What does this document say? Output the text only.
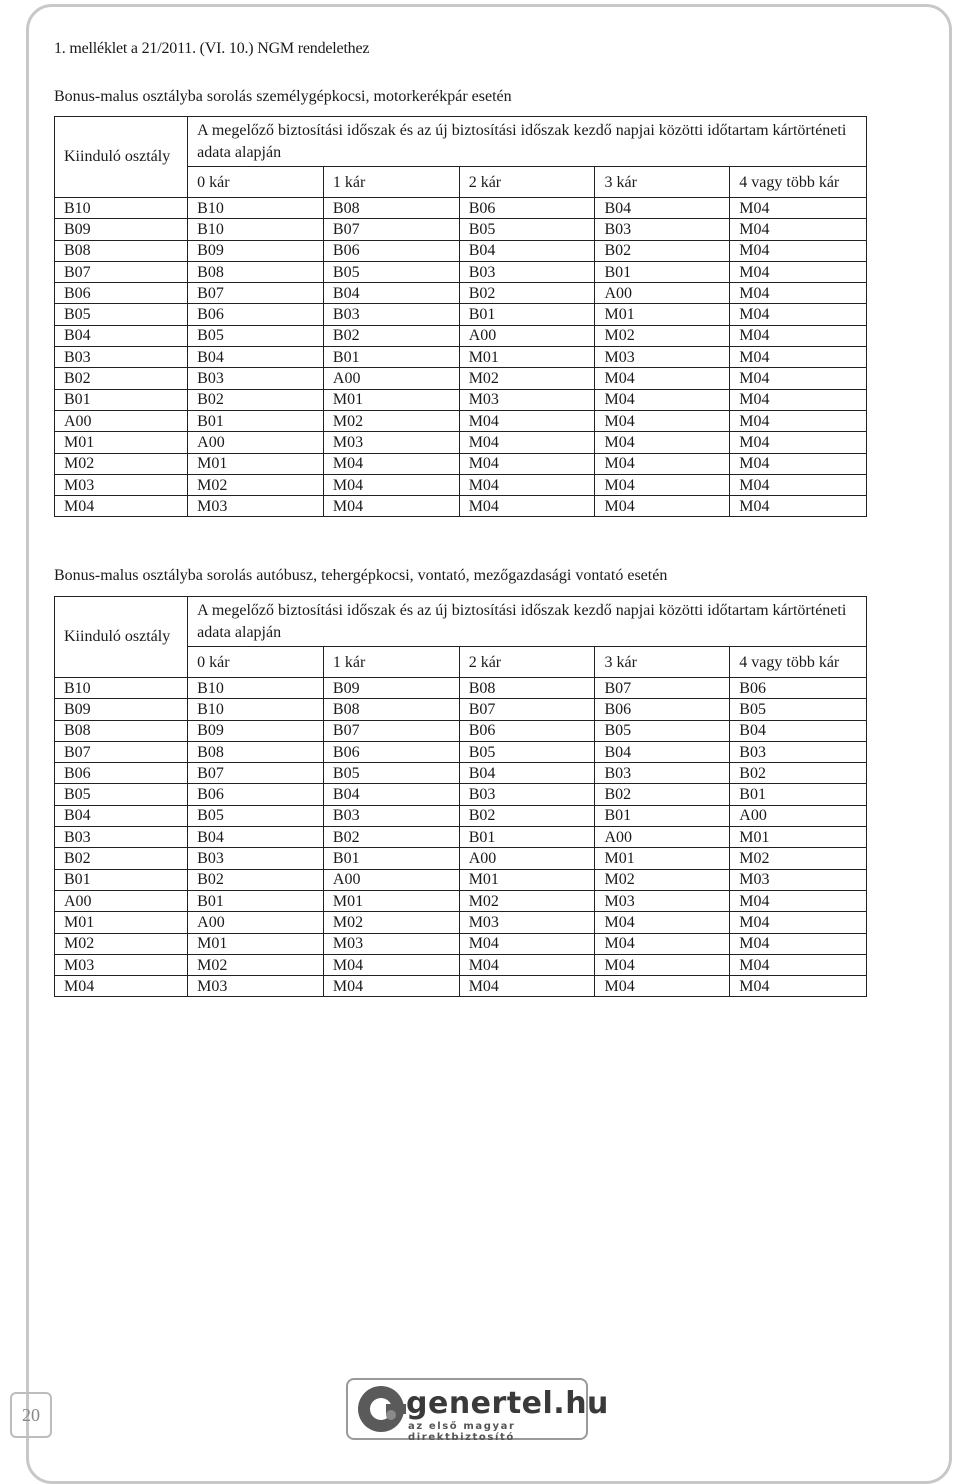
1. melléklet a 21/2011. (VI. 10.) NGM rendelethez
Bonus-malus osztályba sorolás személygépkocsi, motorkerékpár esetén
Kiinduló osztály	A megelőző biztosítási időszak és az új biztosítási időszak kezdő napjai közötti időtartam kártörténeti adata alapján				
	0 kár	1 kár	2 kár	3 kár	4 vagy több kár
B10	B10	B08	B06	B04	M04
B09	B10	B07	B05	B03	M04
B08	B09	B06	B04	B02	M04
B07	B08	B05	B03	B01	M04
B06	B07	B04	B02	A00	M04
B05	B06	B03	B01	M01	M04
B04	B05	B02	A00	M02	M04
B03	B04	B01	M01	M03	M04
B02	B03	A00	M02	M04	M04
B01	B02	M01	M03	M04	M04
A00	B01	M02	M04	M04	M04
M01	A00	M03	M04	M04	M04
M02	M01	M04	M04	M04	M04
M03	M02	M04	M04	M04	M04
M04	M03	M04	M04	M04	M04
Bonus-malus osztályba sorolás autóbusz, tehergépkocsi, vontató, mezőgazdasági vontató esetén
Kiinduló osztály	A megelőző biztosítási időszak és az új biztosítási időszak kezdő napjai közötti időtartam kártörténeti adata alapján				
	0 kár	1 kár	2 kár	3 kár	4 vagy több kár
B10	B10	B09	B08	B07	B06
B09	B10	B08	B07	B06	B05
B08	B09	B07	B06	B05	B04
B07	B08	B06	B05	B04	B03
B06	B07	B05	B04	B03	B02
B05	B06	B04	B03	B02	B01
B04	B05	B03	B02	B01	A00
B03	B04	B02	B01	A00	M01
B02	B03	B01	A00	M01	M02
B01	B02	A00	M01	M02	M03
A00	B01	M01	M02	M03	M04
M01	A00	M02	M03	M04	M04
M02	M01	M03	M04	M04	M04
M03	M02	M04	M04	M04	M04
M04	M03	M04	M04	M04	M04
20	genertel.hu
az első magyar direktbiztosító
